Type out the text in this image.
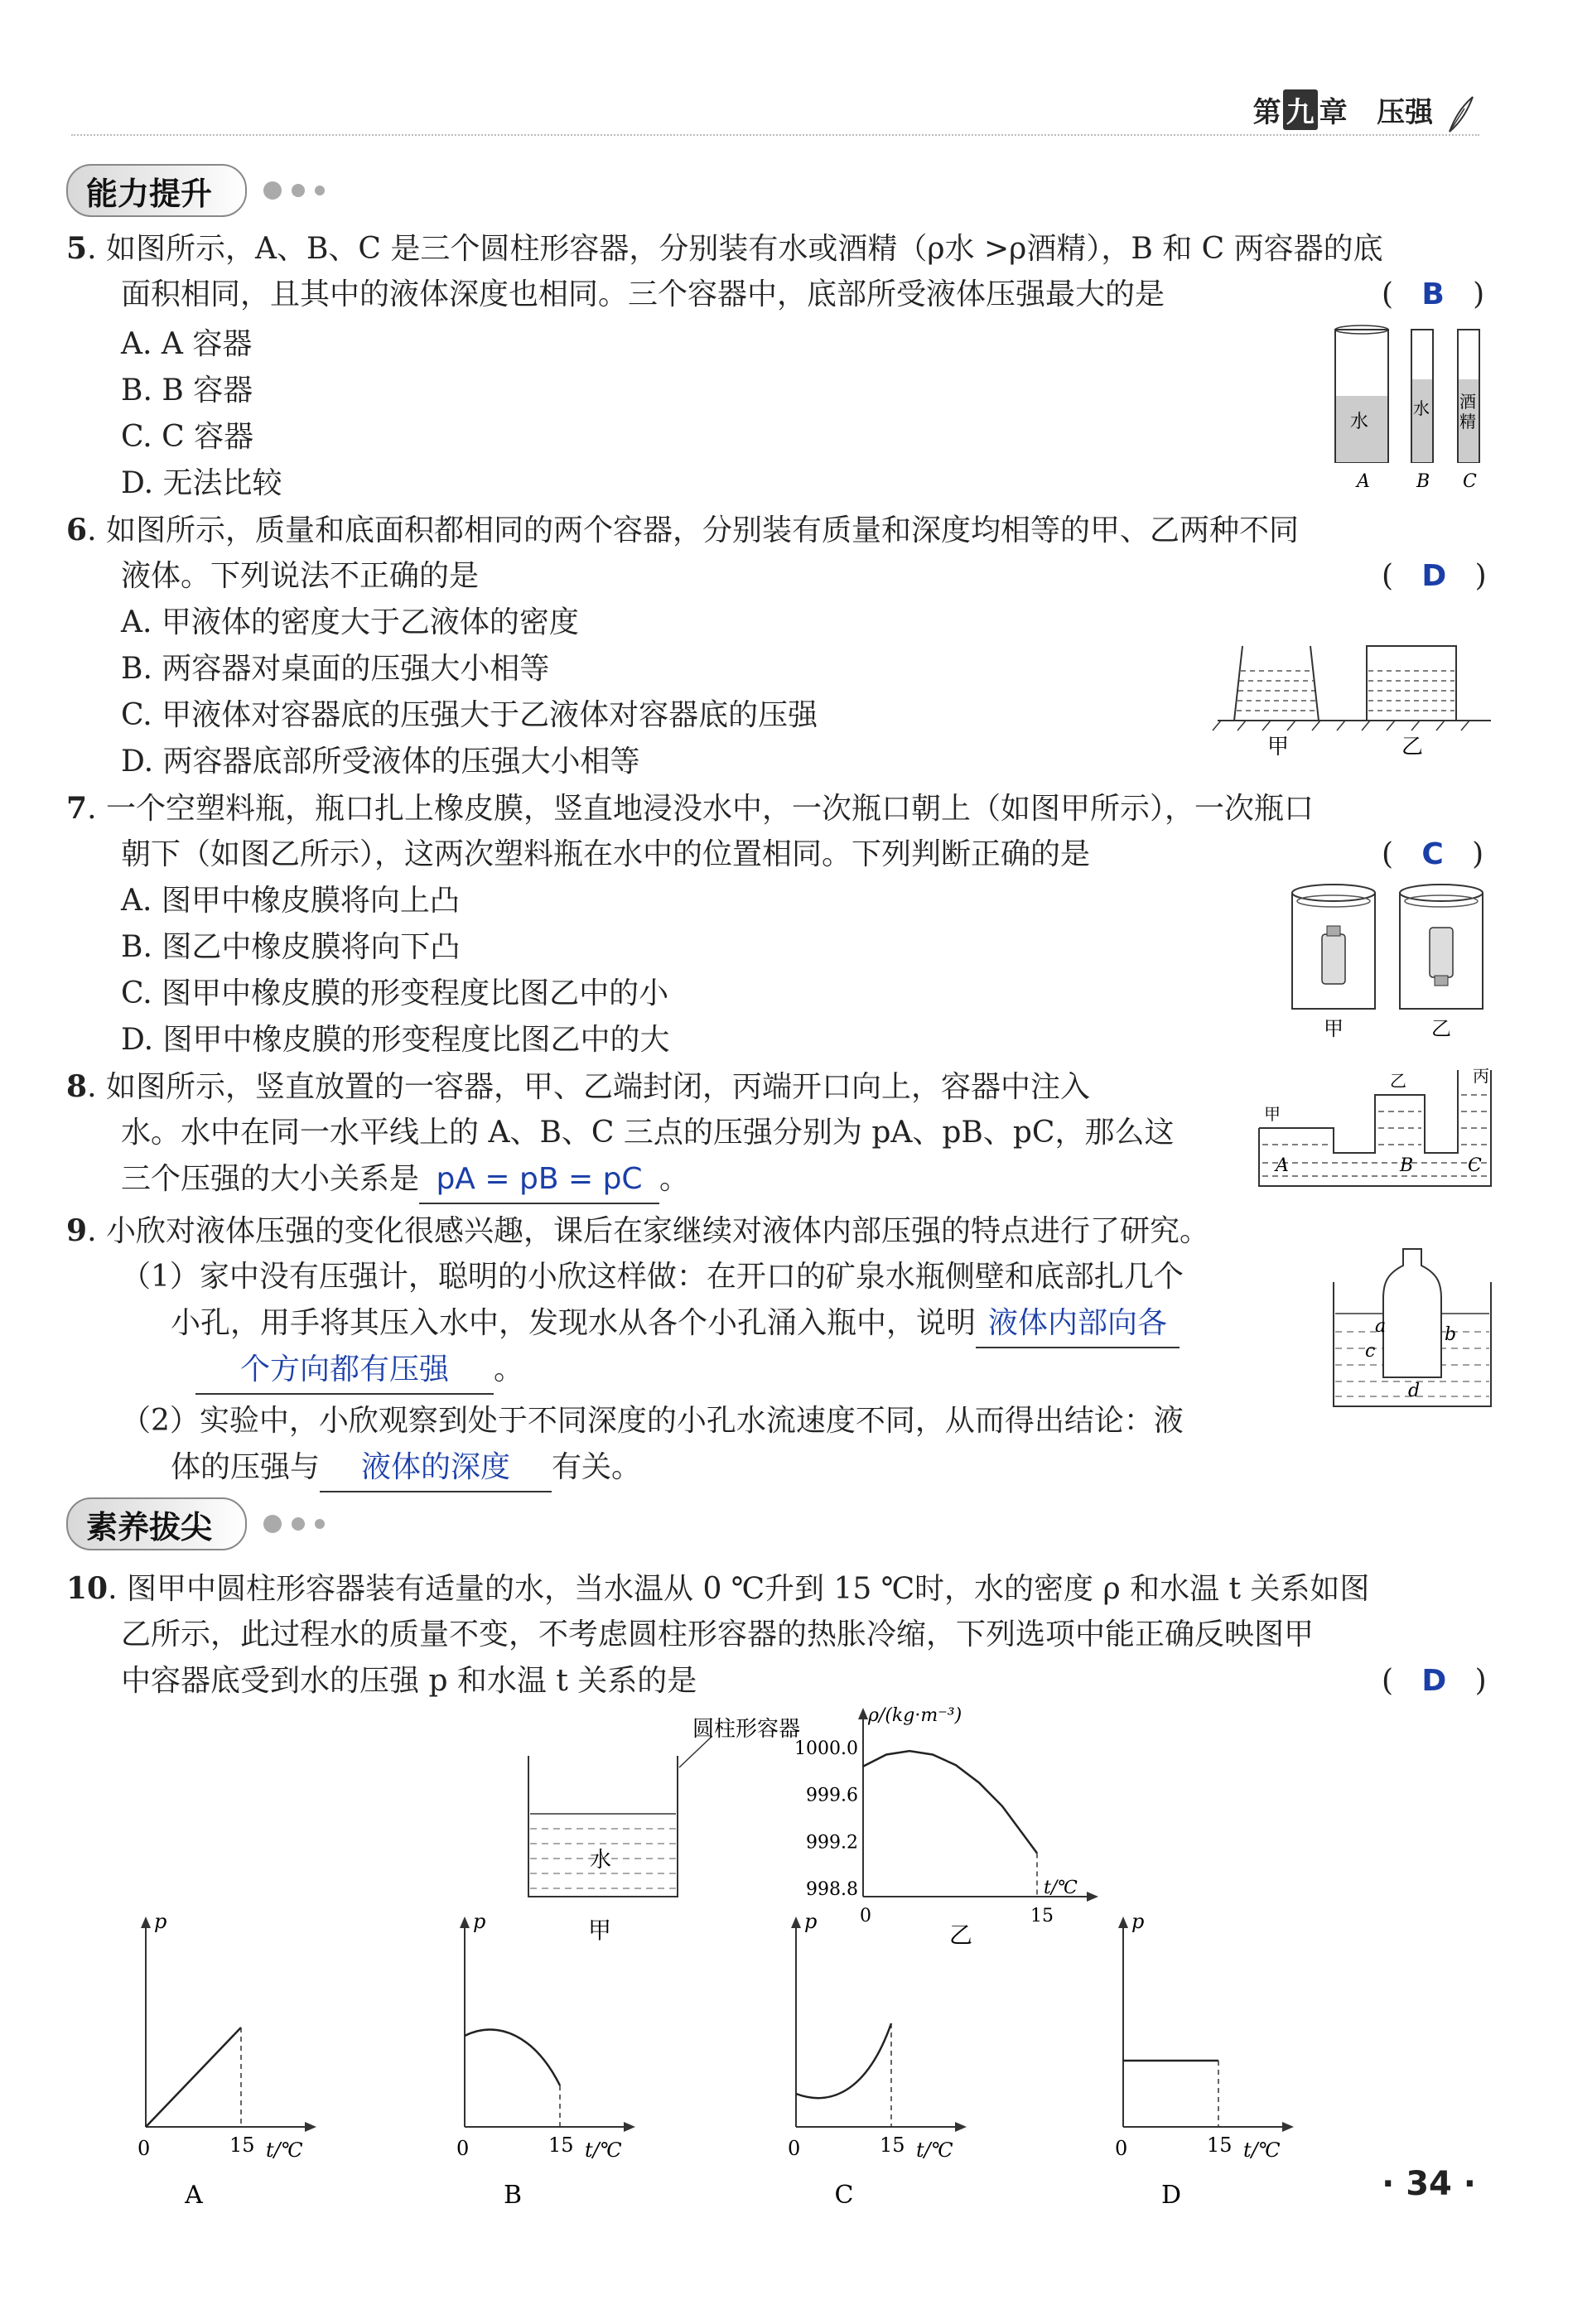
第 九 章 压强
能力提升
5. 如图所示，A、B、C 是三个圆柱形容器，分别装有水或酒精（ρ水 >ρ酒精），B 和 C 两容器的底
面积相同，且其中的液体深度也相同。三个容器中，底部所受液体压强最大的是	(   B   )
A. A 容器
B. B 容器
C. C 容器
D. 无法比较
水
水 酒
精
A	B C
6. 如图所示，质量和底面积都相同的两个容器，分别装有质量和深度均相等的甲、乙两种不同
液体。下列说法不正确的是	(   D   )
A. 甲液体的密度大于乙液体的密度
B. 两容器对桌面的压强大小相等
C. 甲液体对容器底的压强大于乙液体对容器底的压强
D. 两容器底部所受液体的压强大小相等	甲	乙
7. 一个空塑料瓶，瓶口扎上橡皮膜，竖直地浸没水中，一次瓶口朝上（如图甲所示），一次瓶口
朝下（如图乙所示），这两次塑料瓶在水中的位置相同。下列判断正确的是	(   C   )
A. 图甲中橡皮膜将向上凸
B. 图乙中橡皮膜将向下凸
C. 图甲中橡皮膜的形变程度比图乙中的小
D. 图甲中橡皮膜的形变程度比图乙中的大	甲	乙
8. 如图所示，竖直放置的一容器，甲、乙端封闭，丙端开口向上，容器中注入
水。水中在同一水平线上的 A、B、C 三点的压强分别为 pA、pB、pC，那么这
三个压强的大小关系是 pA = pB = pC 。
甲
乙	丙
A	B	C
9. 小欣对液体压强的变化很感兴趣，课后在家继续对液体内部压强的特点进行了研究。
（1）家中没有压强计，聪明的小欣这样做：在开口的矿泉水瓶侧壁和底部扎几个
小孔，用手将其压入水中，发现水从各个小孔涌入瓶中，说明 液体内部向各
个方向都有压强 。
（2）实验中，小欣观察到处于不同深度的小孔水流速度不同，从而得出结论：液
体的压强与 液体的深度 有关。
a	b
c
d
素养拔尖
10. 图甲中圆柱形容器装有适量的水，当水温从 0 ℃升到 15 ℃时，水的密度 ρ 和水温 t 关系如图
乙所示，此过程水的质量不变，不考虑圆柱形容器的热胀冷缩，下列选项中能正确反映图甲
中容器底受到水的压强 p 和水温 t 关系的是	(   D   )
圆柱形容器
水
甲
ρ/(kg·m⁻³)
t/℃
1000.0
999.6
999.2
998.8
0	15
乙
p
0	15 t/℃
A
p
0	15 t/℃
B
p
0	15 t/℃
C
p
0	15 t/℃
D	· 34 ·
